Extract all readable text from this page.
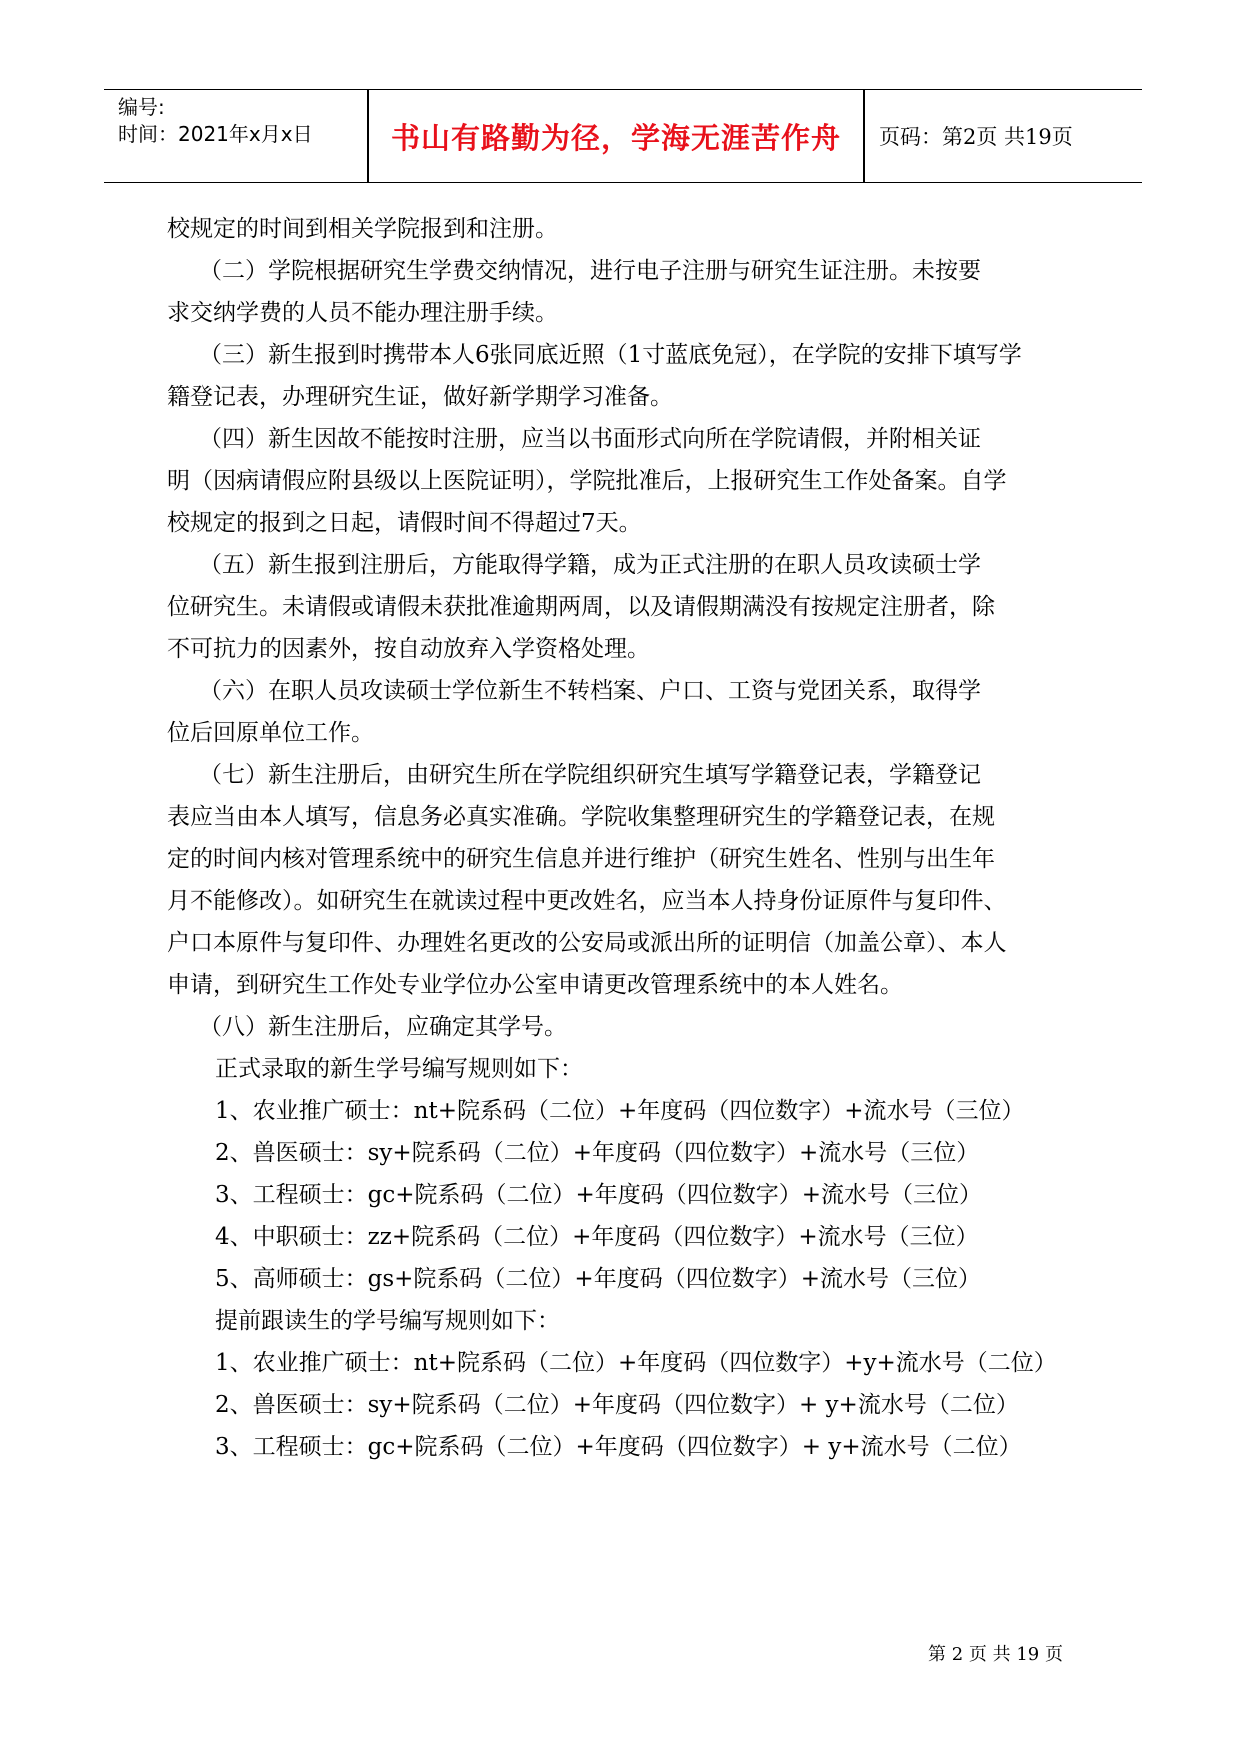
编号:
时间：2021年x月x日	书山有路勤为径，学海无涯苦作舟	页码：第2页 共19页
校规定的时间到相关学院报到和注册。
（二）学院根据研究生学费交纳情况，进行电子注册与研究生证注册。未按要
求交纳学费的人员不能办理注册手续。
（三）新生报到时携带本人6张同底近照（1寸蓝底免冠），在学院的安排下填写学
籍登记表，办理研究生证，做好新学期学习准备。
（四）新生因故不能按时注册，应当以书面形式向所在学院请假，并附相关证
明（因病请假应附县级以上医院证明），学院批准后，上报研究生工作处备案。自学
校规定的报到之日起，请假时间不得超过7天。
（五）新生报到注册后，方能取得学籍，成为正式注册的在职人员攻读硕士学
位研究生。未请假或请假未获批准逾期两周，以及请假期满没有按规定注册者，除
不可抗力的因素外，按自动放弃入学资格处理。
（六）在职人员攻读硕士学位新生不转档案、户口、工资与党团关系，取得学
位后回原单位工作。
（七）新生注册后，由研究生所在学院组织研究生填写学籍登记表，学籍登记
表应当由本人填写，信息务必真实准确。学院收集整理研究生的学籍登记表，在规
定的时间内核对管理系统中的研究生信息并进行维护（研究生姓名、性别与出生年
月不能修改）。如研究生在就读过程中更改姓名，应当本人持身份证原件与复印件、
户口本原件与复印件、办理姓名更改的公安局或派出所的证明信（加盖公章）、本人
申请，到研究生工作处专业学位办公室申请更改管理系统中的本人姓名。
（八）新生注册后，应确定其学号。
正式录取的新生学号编写规则如下：
1、农业推广硕士：nt+院系码（二位）+年度码（四位数字）+流水号（三位）
2、兽医硕士：sy+院系码（二位）+年度码（四位数字）+流水号（三位）
3、工程硕士：gc+院系码（二位）+年度码（四位数字）+流水号（三位）
4、中职硕士：zz+院系码（二位）+年度码（四位数字）+流水号（三位）
5、高师硕士：gs+院系码（二位）+年度码（四位数字）+流水号（三位）
提前跟读生的学号编写规则如下：
1、农业推广硕士：nt+院系码（二位）+年度码（四位数字）+y+流水号（二位）
2、兽医硕士：sy+院系码（二位）+年度码（四位数字）+ y+流水号（二位）
3、工程硕士：gc+院系码（二位）+年度码（四位数字）+ y+流水号（二位）
第 2 页 共 19 页
